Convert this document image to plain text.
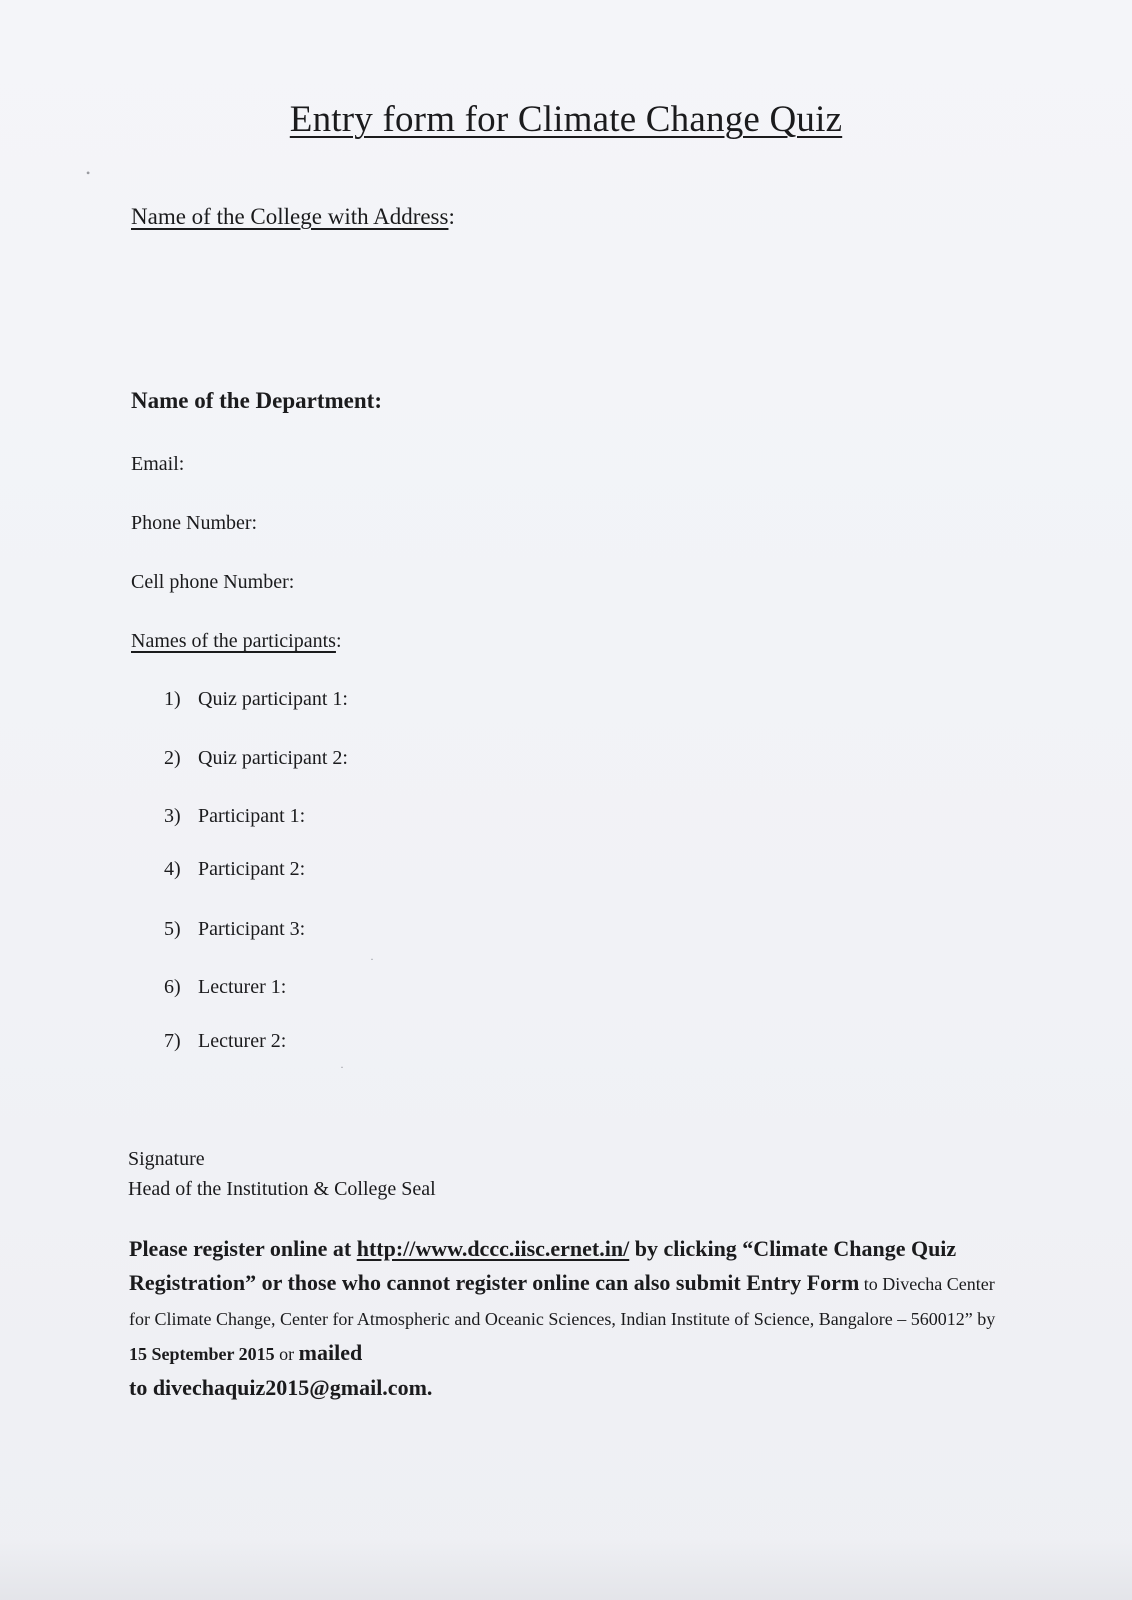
Entry form for Climate Change Quiz
Name of the College with Address:
Name of the Department:
Email:
Phone Number:
Cell phone Number:
Names of the participants:
1) Quiz participant 1:
2) Quiz participant 2:
3) Participant 1:
4) Participant 2:
5) Participant 3:
6) Lecturer 1:
7) Lecturer 2:
Signature
Head of the Institution & College Seal
Please register online at http://www.dccc.iisc.ernet.in/ by clicking “Climate Change Quiz Registration” or those who cannot register online can also submit Entry Form to Divecha Center for Climate Change, Center for Atmospheric and Oceanic Sciences, Indian Institute of Science, Bangalore – 560012” by 15 September 2015 or mailed
to divechaquiz2015@gmail.com.
•
·
·
